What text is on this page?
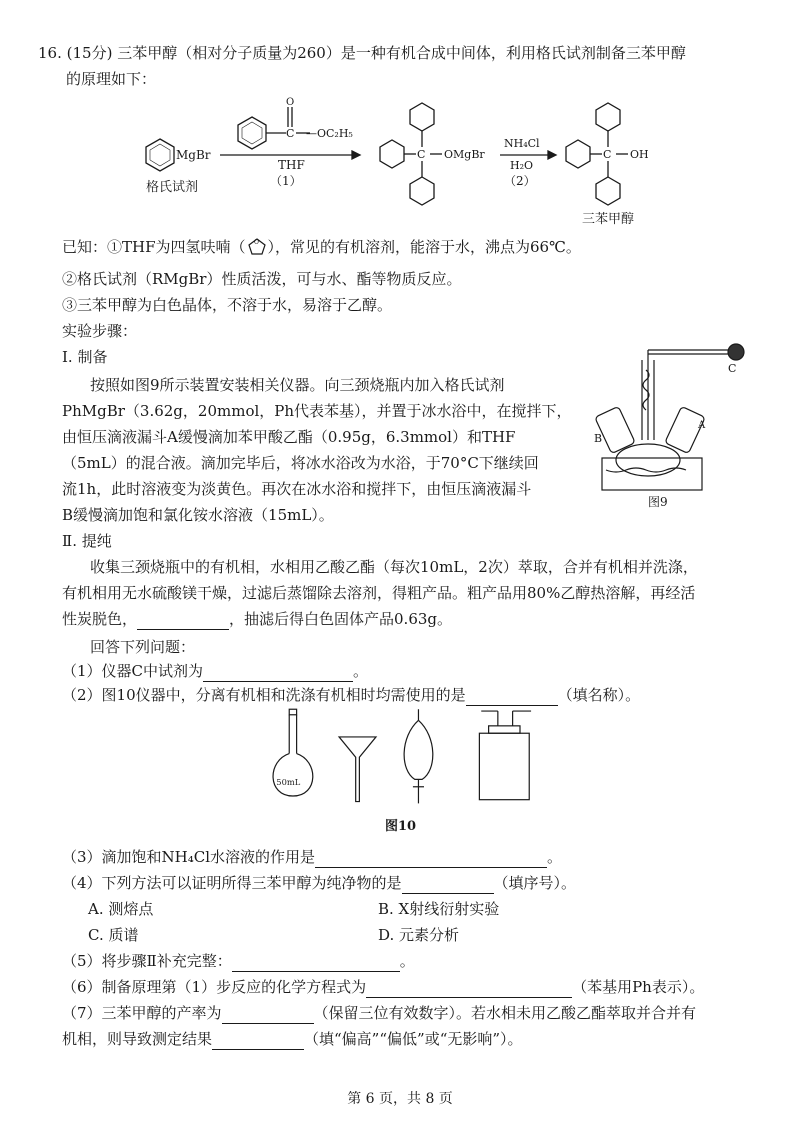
16. (15分) 三苯甲醇（相对分子质量为260）是一种有机合成中间体，利用格氏试剂制备三苯甲醇
的原理如下：
MgBr
格氏试剂
O
C —OC₂H₅
THF
（1）
C OMgBr
NH₄Cl
H₂O
（2）
C OH
三苯甲醇
已知：①THF为四氢呋喃（ O ），常见的有机溶剂，能溶于水，沸点为66℃。
②格氏试剂（RMgBr）性质活泼，可与水、酯等物质反应。
③三苯甲醇为白色晶体，不溶于水，易溶于乙醇。
实验步骤：
Ⅰ. 制备
按照如图9所示装置安装相关仪器。向三颈烧瓶内加入格氏试剂
PhMgBr（3.62g，20mmol，Ph代表苯基），并置于冰水浴中，在搅拌下，
由恒压滴液漏斗A缓慢滴加苯甲酸乙酯（0.95g，6.3mmol）和THF
（5mL）的混合液。滴加完毕后，将冰水浴改为水浴，于70°C下继续回
流1h，此时溶液变为淡黄色。再次在冰水浴和搅拌下，由恒压滴液漏斗
B缓慢滴加饱和氯化铵水溶液（15mL）。
B
A
C
图9
Ⅱ. 提纯
收集三颈烧瓶中的有机相，水相用乙酸乙酯（每次10mL，2次）萃取，合并有机相并洗涤，
有机相用无水硫酸镁干燥，过滤后蒸馏除去溶剂，得粗产品。粗产品用80%乙醇热溶解，再经活
性炭脱色，	，抽滤后得白色固体产品0.63g。
回答下列问题：
（1）仪器C中试剂为	。
（2）图10仪器中，分离有机相和洗涤有机相时均需使用的是	（填名称）。
50mL
图10
（3）滴加饱和NH₄Cl水溶液的作用是	。
（4）下列方法可以证明所得三苯甲醇为纯净物的是	（填序号）。
A. 测熔点	B. X射线衍射实验
C. 质谱	D. 元素分析
（5）将步骤Ⅱ补充完整：	。
（6）制备原理第（1）步反应的化学方程式为	（苯基用Ph表示）。
（7）三苯甲醇的产率为	（保留三位有效数字）。若水相未用乙酸乙酯萃取并合并有
机相，则导致测定结果	（填“偏高”“偏低”或“无影响”）。
第 6 页，共 8 页
